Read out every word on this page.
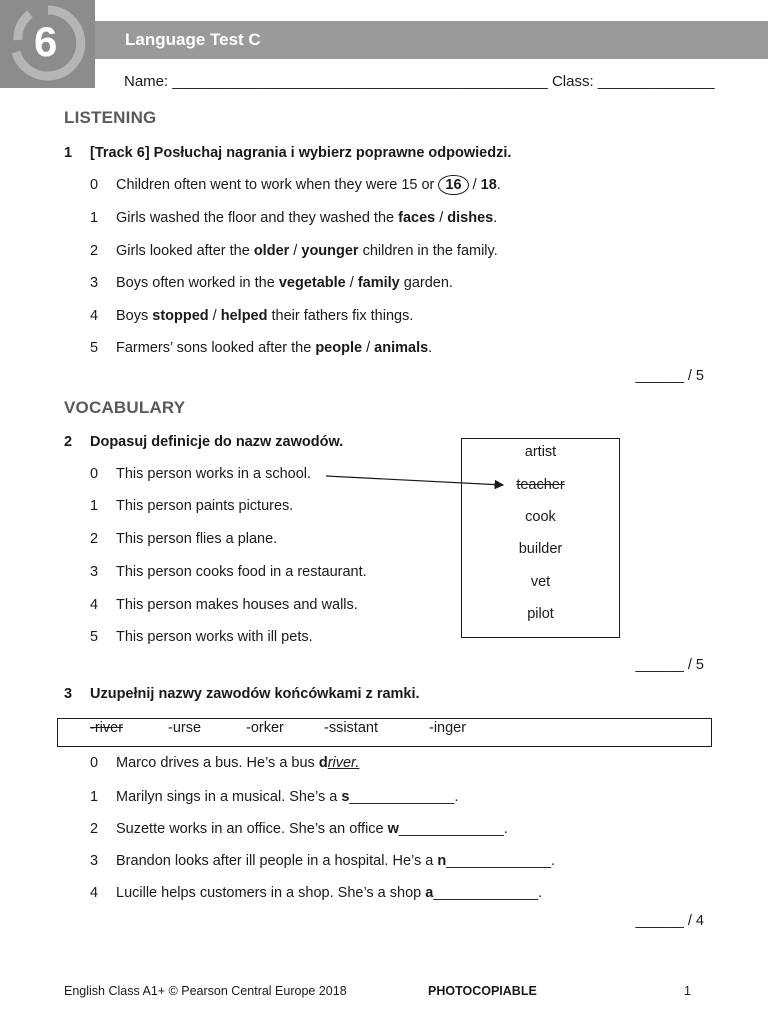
6	Language Test C
Name: _____________________________________________ Class: ______________
LISTENING
1 [Track 6] Posłuchaj nagrania i wybierz poprawne odpowiedzi.
0 Children often went to work when they were 15 or 16 / 18.
1 Girls washed the floor and they washed the faces / dishes.
2 Girls looked after the older / younger children in the family.
3 Boys often worked in the vegetable / family garden.
4 Boys stopped / helped their fathers fix things.
5 Farmers’ sons looked after the people / animals.
______ / 5
VOCABULARY
2 Dopasuj definicje do nazw zawodów.
0 This person works in a school.
1 This person paints pictures.
2 This person flies a plane.
3 This person cooks food in a restaurant.
4 This person makes houses and walls.
5 This person works with ill pets.
artist
teacher
cook
builder
vet
pilot
______ / 5
3 Uzupełnij nazwy zawodów końcówkami z ramki.
-river	-urse	-orker	-ssistant	-inger
0 Marco drives a bus. He’s a bus driver.
1 Marilyn sings in a musical. She’s a s_____________.
2 Suzette works in an office. She’s an office w_____________.
3 Brandon looks after ill people in a hospital. He’s a n_____________.
4 Lucille helps customers in a shop. She’s a shop a_____________.
______ / 4
English Class A1+ © Pearson Central Europe 2018	PHOTOCOPIABLE	1
